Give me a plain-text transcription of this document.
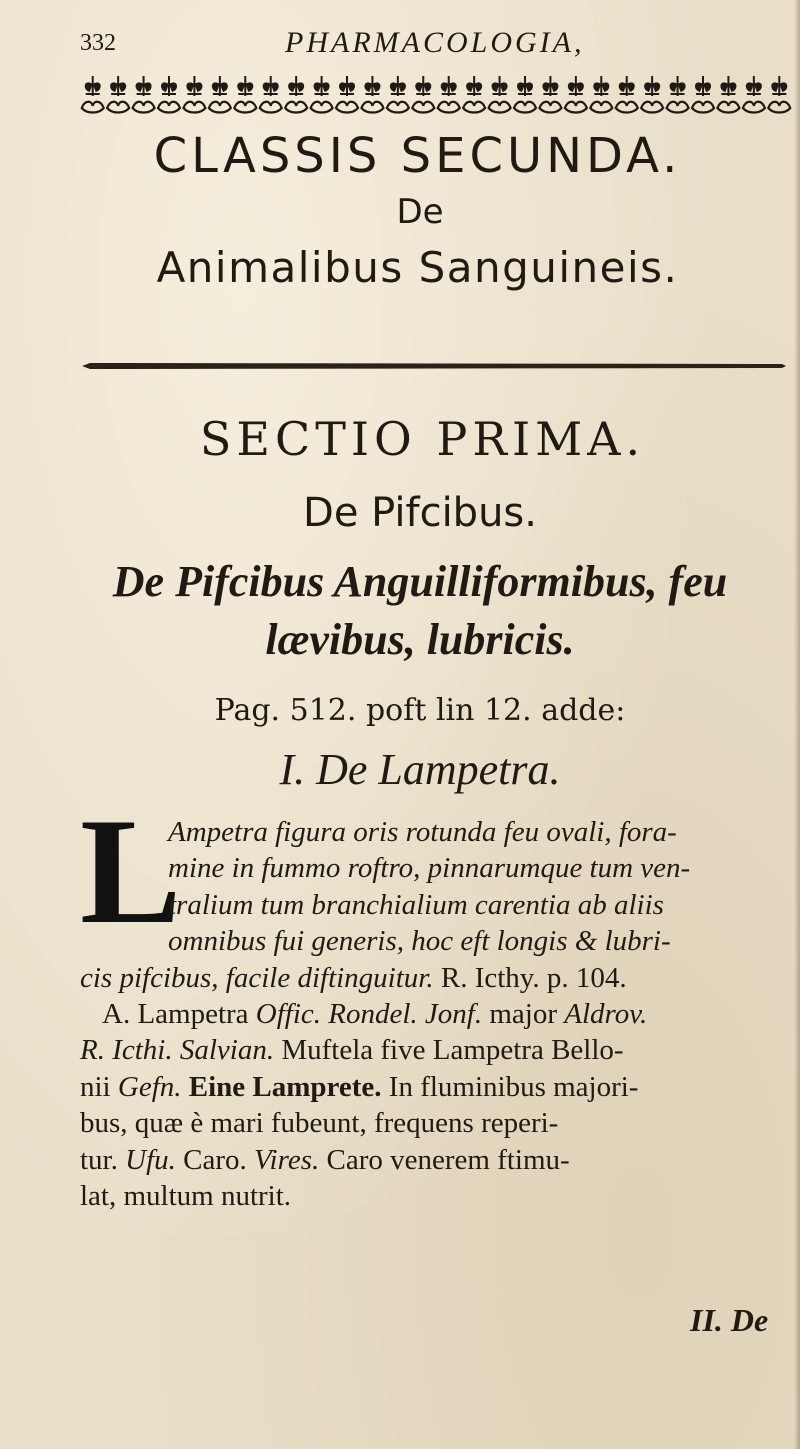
332	PHARMACOLOGIA,
CLASSIS SECUNDA.
De
Animalibus Sanguineis.
SECTIO PRIMA.
De Pifcibus.
De Pifcibus Anguilliformibus, feu
lævibus, lubricis.
Pag. 512. poft lin 12. adde:
I. De Lampetra.
L
Ampetra figura oris rotunda feu ovali, fora-
mine in fummo roftro, pinnarumque tum ven-
tralium tum branchialium carentia ab aliis
omnibus fui generis, hoc eft longis & lubri-
cis pifcibus, facile diftinguitur. R. Icthy. p. 104.
A. Lampetra Offic. Rondel. Jonf. major Aldrov.
R. Icthi. Salvian. Muftela five Lampetra Bello-
nii Gefn. Eine Lamprete. In fluminibus majori-
bus, quæ è mari fubeunt, frequens reperi-
tur. Ufu. Caro. Vires. Caro venerem ftimu-
lat, multum nutrit.
II. De
